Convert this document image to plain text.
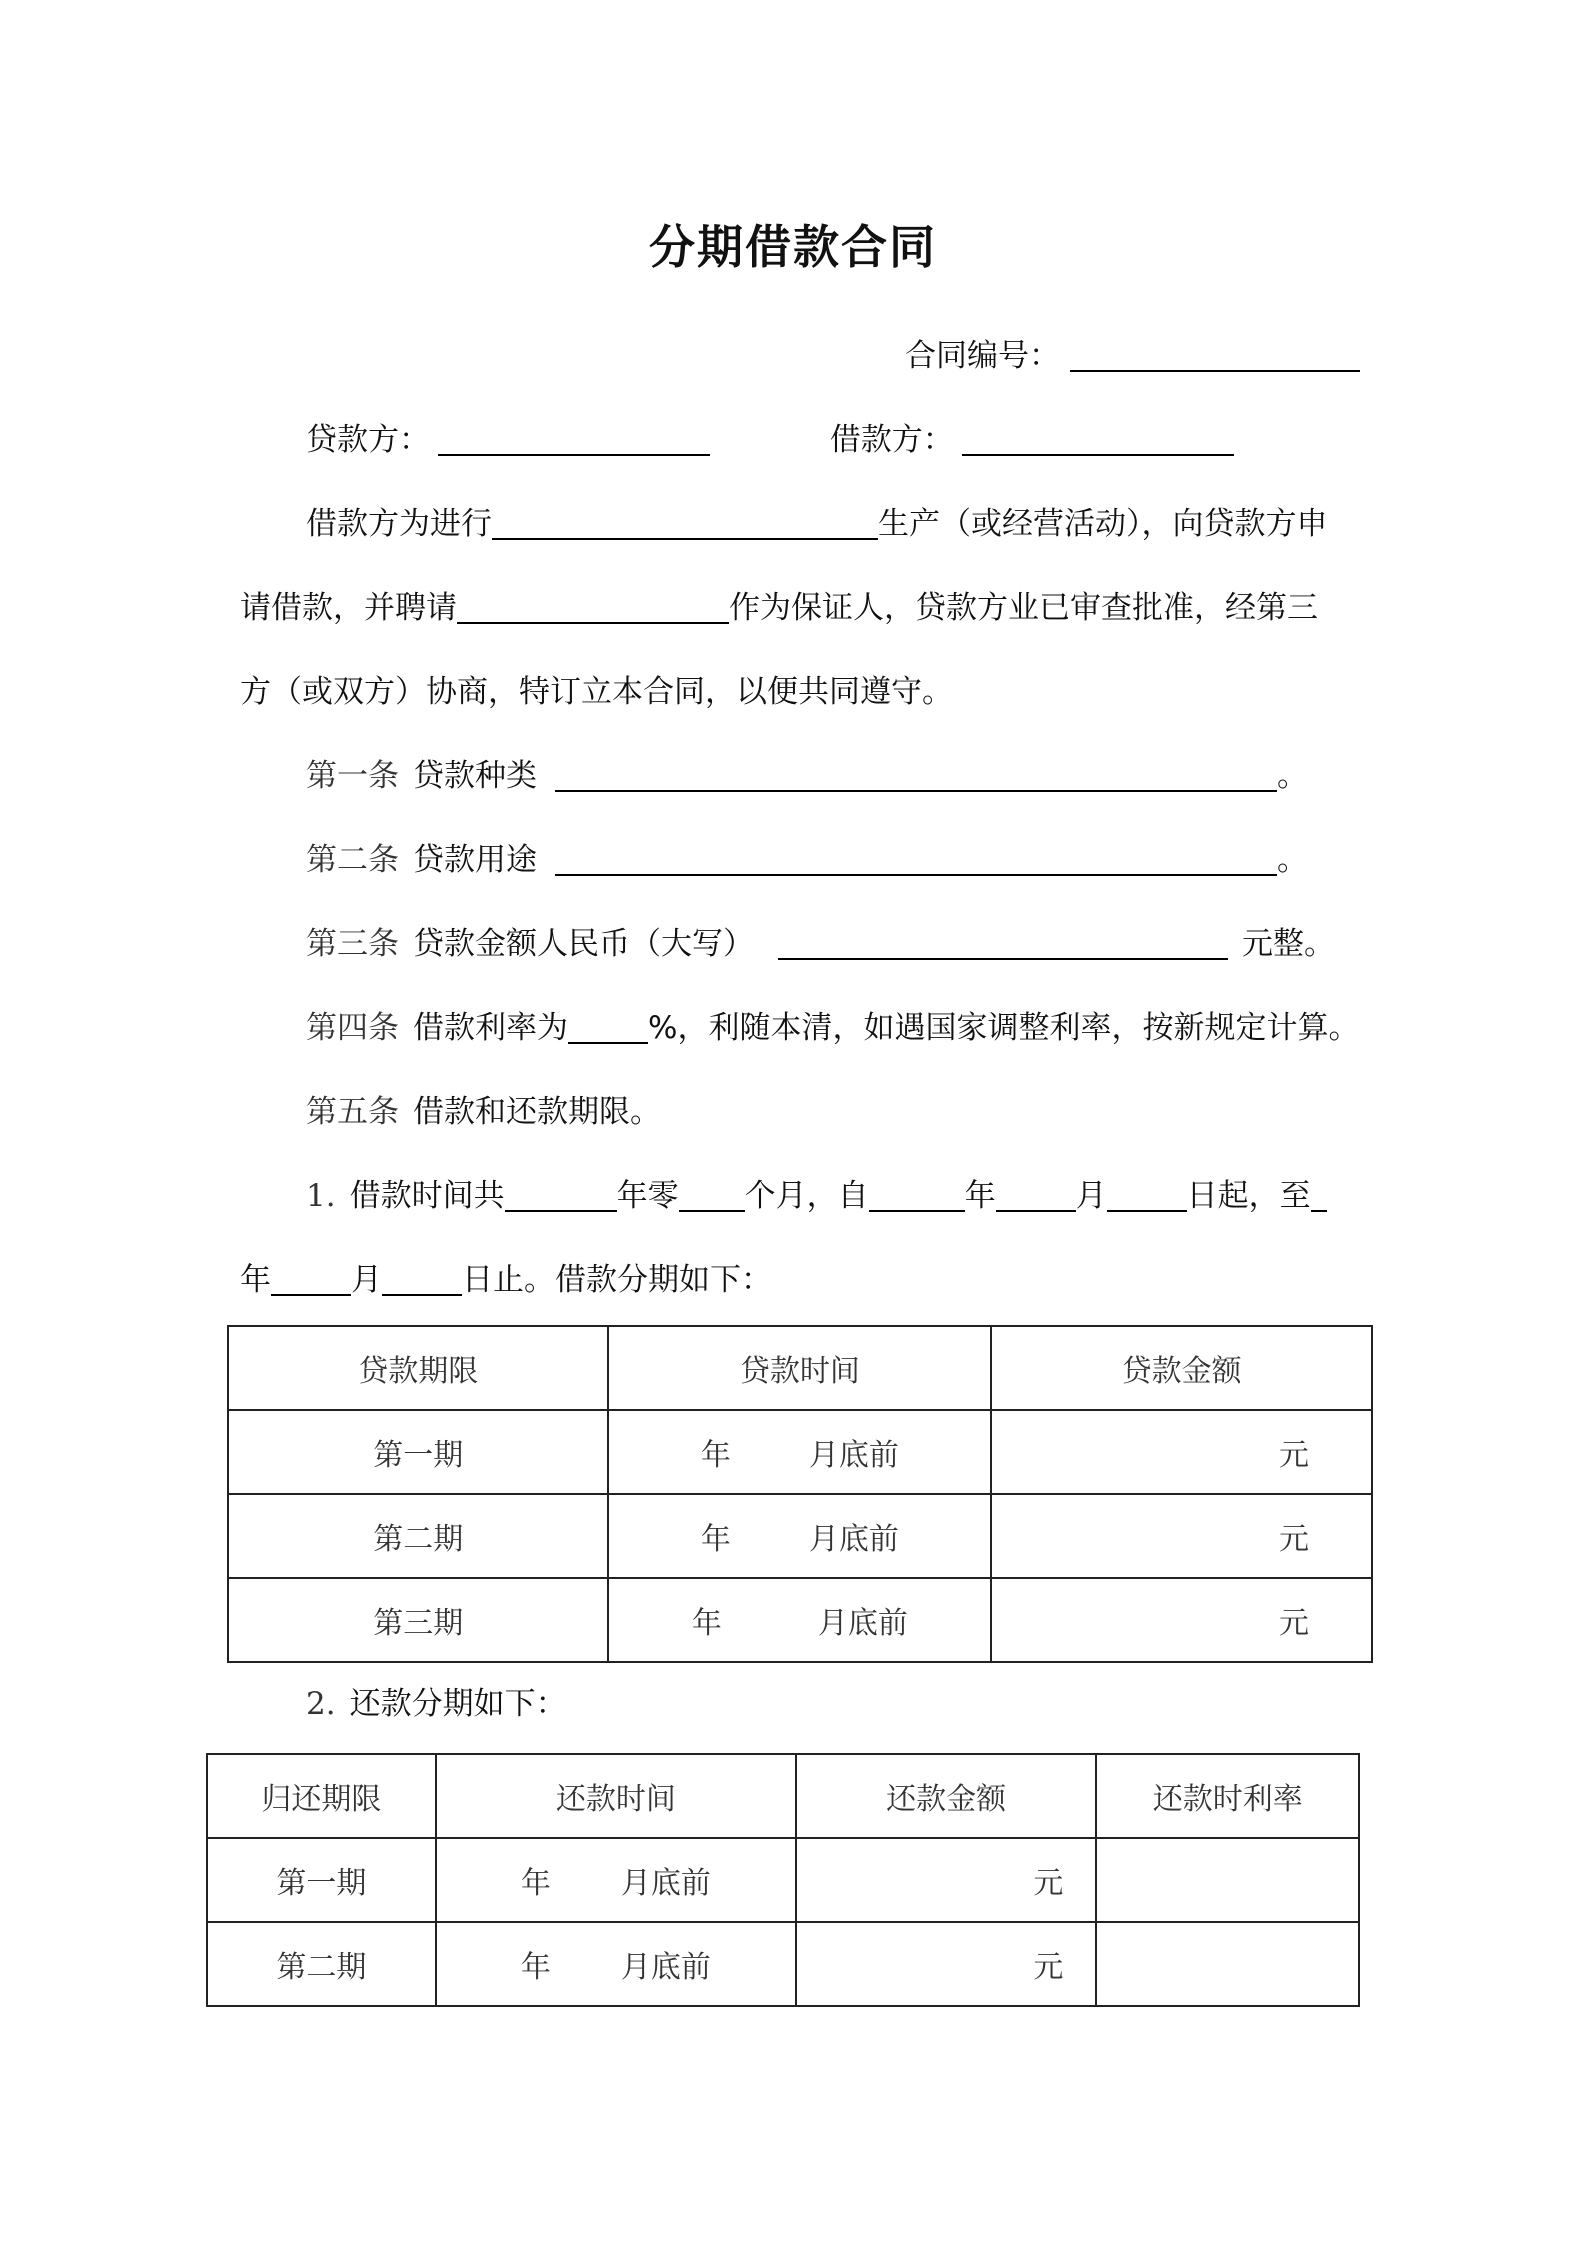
分期借款合同
合同编号：
贷款方：	借款方：
借款方为进行	生产（或经营活动），向贷款方申
请借款，并聘请	作为保证人，贷款方业已审查批准，经第三
方（或双方）协商，特订立本合同，以便共同遵守。
第一条 贷款种类	。
第二条 贷款用途	。
第三条 贷款金额人民币（大写）	元整。
第四条 借款利率为	%，利随本清，如遇国家调整利率，按新规定计算。
第五条 借款和还款期限。
1. 借款时间共	年零 个月，自	年	月	日起，至
年	月	日止。借款分期如下：
贷款期限	贷款时间	贷款金额
第一期	年 月底前	元
第二期	年 月底前	元
第三期	年 月底前	元
2. 还款分期如下：
归还期限	还款时间	还款金额	还款时利率
第一期	年 月底前	元	
第二期	年 月底前	元	
